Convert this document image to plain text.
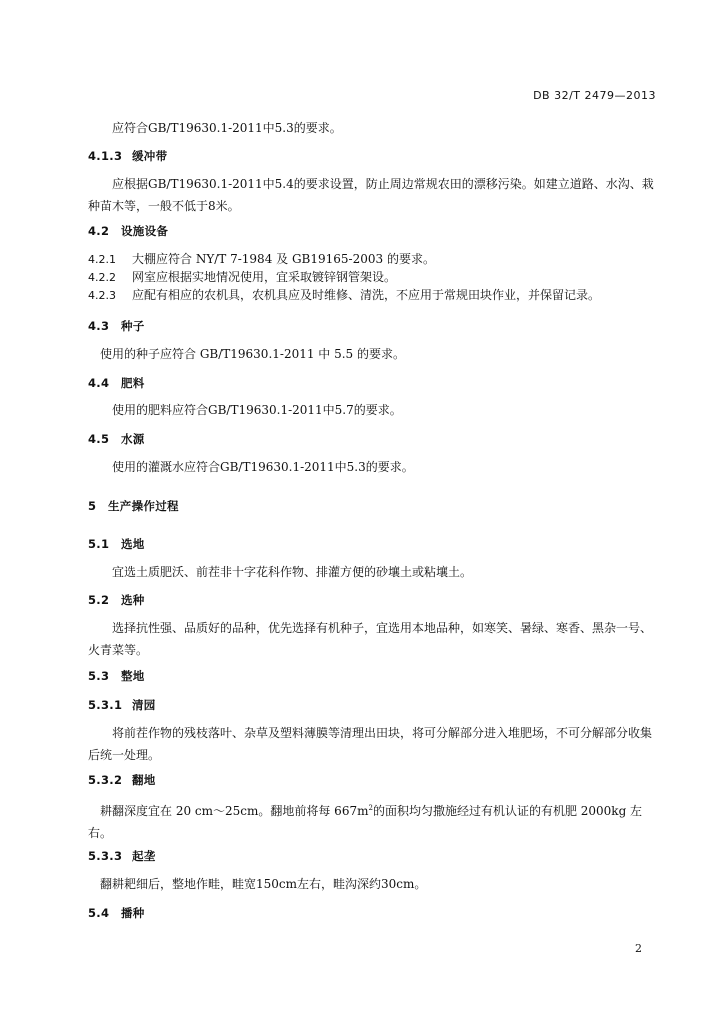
DB 32/T 2479—2013
应符合GB/T19630.1-2011中5.3的要求。
4.1.3 缓冲带
应根据GB/T19630.1-2011中5.4的要求设置，防止周边常规农田的漂移污染。如建立道路、水沟、栽种苗木等，一般不低于8米。
4.2 设施设备
4.2.1 大棚应符合 NY/T 7-1984 及 GB19165-2003 的要求。
4.2.2 网室应根据实地情况使用，宜采取镀锌钢管架设。
4.2.3 应配有相应的农机具，农机具应及时维修、清洗，不应用于常规田块作业，并保留记录。
4.3 种子
使用的种子应符合 GB/T19630.1-2011 中 5.5 的要求。
4.4 肥料
使用的肥料应符合GB/T19630.1-2011中5.7的要求。
4.5 水源
使用的灌溉水应符合GB/T19630.1-2011中5.3的要求。
5 生产操作过程
5.1 选地
宜选土质肥沃、前茬非十字花科作物、排灌方便的砂壤土或粘壤土。
5.2 选种
选择抗性强、品质好的品种，优先选择有机种子，宜选用本地品种，如寒笑、暑绿、寒香、黑杂一号、火青菜等。
5.3 整地
5.3.1 清园
将前茬作物的残枝落叶、杂草及塑料薄膜等清理出田块，将可分解部分进入堆肥场，不可分解部分收集后统一处理。
5.3.2 翻地
耕翻深度宜在 20 cm～25cm。翻地前将每 $667m^2$的面积均匀撒施经过有机认证的有机肥 2000kg 左右。
5.3.3 起垄
翻耕耙细后，整地作畦，畦宽150cm左右，畦沟深约30cm。
5.4 播种
2
